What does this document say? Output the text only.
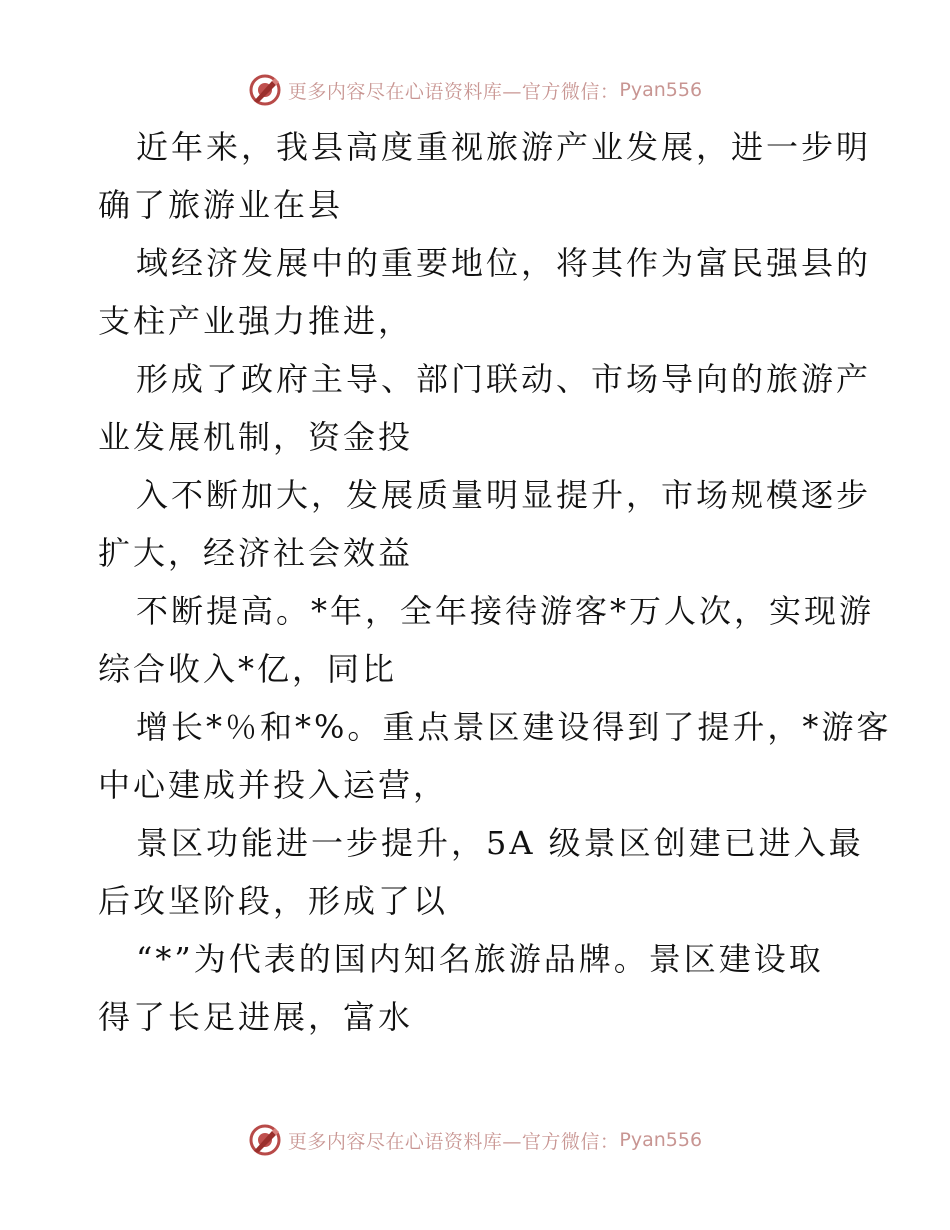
更多内容尽在心语资料库—官方微信： Pyan556

近年来，我县高度重视旅游产业发展，进一步明
确了旅游业在县

域经济发展中的重要地位，将其作为富民强县的
支柱产业强力推进，

形成了政府主导、部门联动、市场导向的旅游产
业发展机制，资金投

入不断加大，发展质量明显提升，市场规模逐步
扩大，经济社会效益

不断提高。*年，全年接待游客*万人次，实现游
综合收入*亿，同比

增长*％和*%。重点景区建设得到了提升，*游客
中心建成并投入运营，

景区功能进一步提升，5A 级景区创建已进入最
后攻坚阶段，形成了以

“*”为代表的国内知名旅游品牌。景区建设取
得了长足进展，富水

更多内容尽在心语资料库—官方微信： Pyan556
